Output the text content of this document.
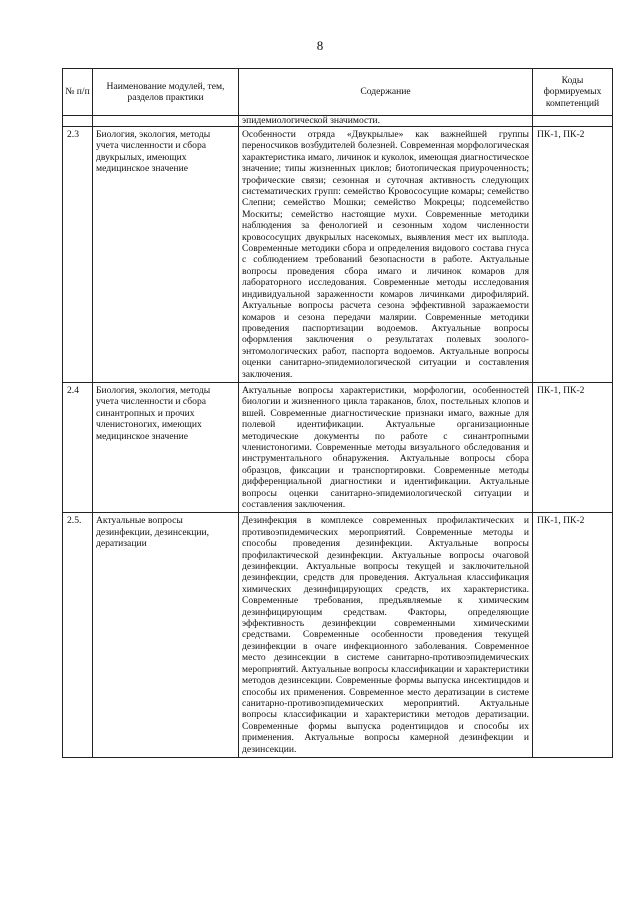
8
№ п/п	Наименование модулей, тем, разделов практики	Содержание	Коды формируемых компетенций
		эпидемиологической значимости.	
2.3	Биология, экология, методы учета численности и сбора двукрылых, имеющих медицинское значение	Особенности отряда «Двукрылые» как важнейшей группы переносчиков возбудителей болезней. Современная морфологическая характеристика имаго, личинок и куколок, имеющая диагностическое значение; типы жизненных циклов; биотопическая приуроченность; трофические связи; сезонная и суточная активность следующих систематических групп: семейство Кровососущие комары; семейство Слепни; семейство Мошки; семейство Мокрецы; подсемейство Москиты; семейство настоящие мухи. Современные методики наблюдения за фенологией и сезонным ходом численности кровососущих двукрылых насекомых, выявления мест их выплода. Современные методики сбора и определения видового состава гнуса с соблюдением требований безопасности в работе. Актуальные вопросы проведения сбора имаго и личинок комаров для лабораторного исследования. Современные методы исследования индивидуальной зараженности комаров личинками дирофилярий. Актуальные вопросы расчета сезона эффективной заражаемости комаров и сезона передачи малярии. Современные методики проведения паспортизации водоемов. Актуальные вопросы оформления заключения о результатах полевых зоолого-энтомологических работ, паспорта водоемов. Актуальные вопросы оценки санитарно-эпидемиологической ситуации и составления заключения.	ПК-1, ПК-2
2.4	Биология, экология, методы учета численности и сбора синантропных и прочих членистоногих, имеющих медицинское значение	Актуальные вопросы характеристики, морфологии, особенностей биологии и жизненного цикла тараканов, блох, постельных клопов и вшей. Современные диагностические признаки имаго, важные для полевой идентификации. Актуальные организационные методические документы по работе с синантропными членистоногими. Современные методы визуального обследования и инструментального обнаружения. Актуальные вопросы сбора образцов, фиксации и транспортировки. Современные методы дифференциальной диагностики и идентификации. Актуальные вопросы оценки санитарно-эпидемиологической ситуации и составления заключения.	ПК-1, ПК-2
2.5.	Актуальные вопросы дезинфекции, дезинсекции, дератизации	Дезинфекция в комплексе современных профилактических и противоэпидемических мероприятий. Современные методы и способы проведения дезинфекции. Актуальные вопросы профилактической дезинфекции. Актуальные вопросы очаговой дезинфекции. Актуальные вопросы текущей и заключительной дезинфекции, средств для проведения. Актуальная классификация химических дезинфицирующих средств, их характеристика. Современные требования, предъявляемые к химическим дезинфицирующим средствам. Факторы, определяющие эффективность дезинфекции современными химическими средствами. Современные особенности проведения текущей дезинфекции в очаге инфекционного заболевания. Современное место дезинсекции в системе санитарно-противоэпидемических мероприятий. Актуальные вопросы классификации и характеристики методов дезинсекции. Современные формы выпуска инсектицидов и способы их применения. Современное место дератизации в системе санитарно-противоэпидемических мероприятий. Актуальные вопросы классификации и характеристики методов дератизации. Современные формы выпуска родентицидов и способы их применения. Актуальные вопросы камерной дезинфекции и дезинсекции.	ПК-1, ПК-2
